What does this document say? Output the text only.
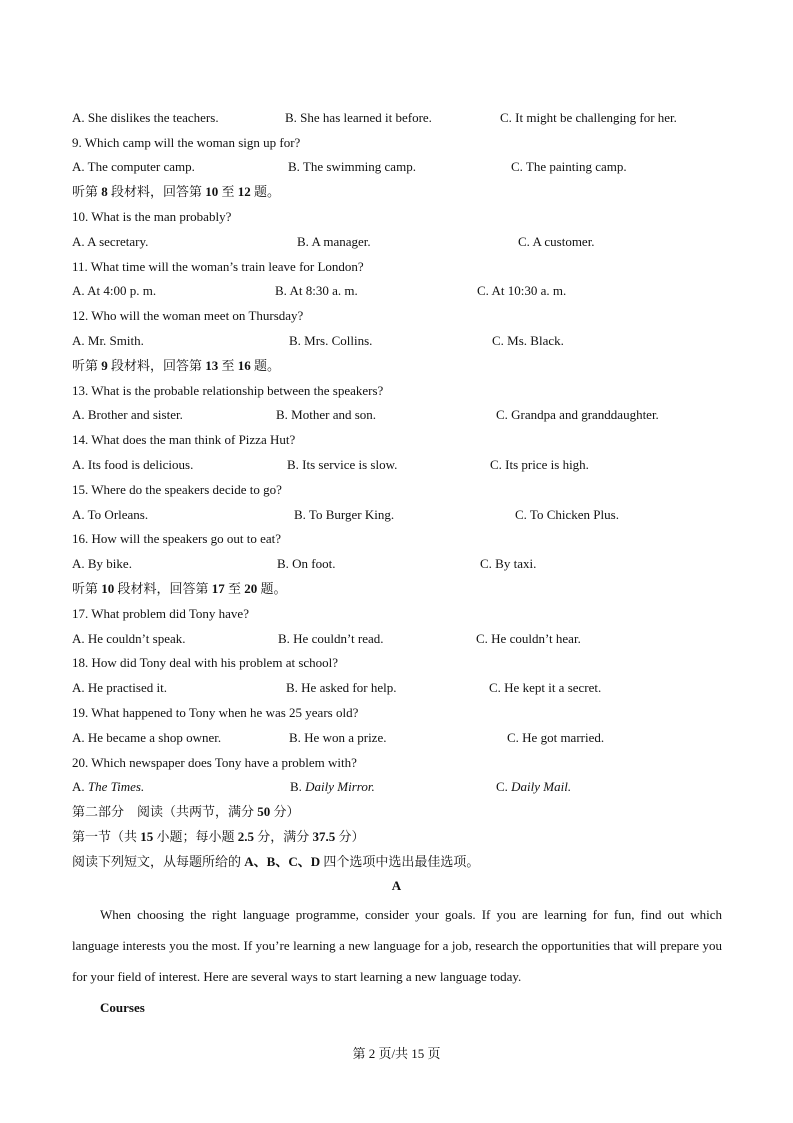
A. She dislikes the teachers.	B. She has learned it before.	C. It might be challenging for her.
9. Which camp will the woman sign up for?
A. The computer camp.	B. The swimming camp.	C. The painting camp.
听第 8 段材料，回答第 10 至 12 题。
10. What is the man probably?
A. A secretary.	B. A manager.	C. A customer.
11. What time will the woman’s train leave for London?
A. At 4:00 p. m.	B. At 8:30 a. m.	C. At 10:30 a. m.
12. Who will the woman meet on Thursday?
A. Mr. Smith.	B. Mrs. Collins.	C. Ms. Black.
听第 9 段材料，回答第 13 至 16 题。
13. What is the probable relationship between the speakers?
A. Brother and sister.	B. Mother and son.	C. Grandpa and granddaughter.
14. What does the man think of Pizza Hut?
A. Its food is delicious.	B. Its service is slow.	C. Its price is high.
15. Where do the speakers decide to go?
A. To Orleans.	B. To Burger King.	C. To Chicken Plus.
16. How will the speakers go out to eat?
A. By bike.	B. On foot.	C. By taxi.
听第 10 段材料，回答第 17 至 20 题。
17. What problem did Tony have?
A. He couldn’t speak.	B. He couldn’t read.	C. He couldn’t hear.
18. How did Tony deal with his problem at school?
A. He practised it.	B. He asked for help.	C. He kept it a secret.
19. What happened to Tony when he was 25 years old?
A. He became a shop owner.	B. He won a prize.	C. He got married.
20. Which newspaper does Tony have a problem with?
A. The Times.	B. Daily Mirror.	C. Daily Mail.
第二部分　阅读（共两节，满分 50 分）
第一节（共 15 小题；每小题 2.5 分，满分 37.5 分）
阅读下列短文，从每题所给的 A、B、C、D 四个选项中选出最佳选项。
A
When choosing the right language programme, consider your goals. If you are learning for fun, find out which language interests you the most. If you’re learning a new language for a job, research the opportunities that will prepare you for your field of interest. Here are several ways to start learning a new language today.
Courses
第 2 页/共 15 页
